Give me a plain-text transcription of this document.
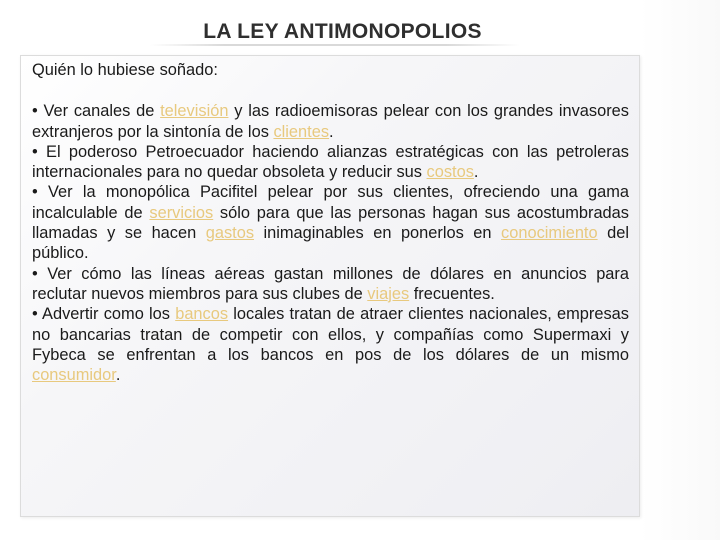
LA LEY ANTIMONOPOLIOS

Quién lo hubiese soñado:

• Ver canales de televisión y las radioemisoras pelear con los grandes invasores extranjeros por la sintonía de los clientes.

• El poderoso Petroecuador haciendo alianzas estratégicas con las petroleras internacionales para no quedar obsoleta y reducir sus costos.

• Ver la monopólica Pacifitel pelear por sus clientes, ofreciendo una gama incalculable de servicios sólo para que las personas hagan sus acostumbradas llamadas y se hacen gastos inimaginables en ponerlos en conocimiento del público.

• Ver cómo las líneas aéreas gastan millones de dólares en anuncios para reclutar nuevos miembros para sus clubes de viajes frecuentes.

• Advertir como los bancos locales tratan de atraer clientes nacionales, empresas no bancarias tratan de competir con ellos, y compañías como Supermaxi y Fybeca se enfrentan a los bancos en pos de los dólares de un mismo consumidor.
